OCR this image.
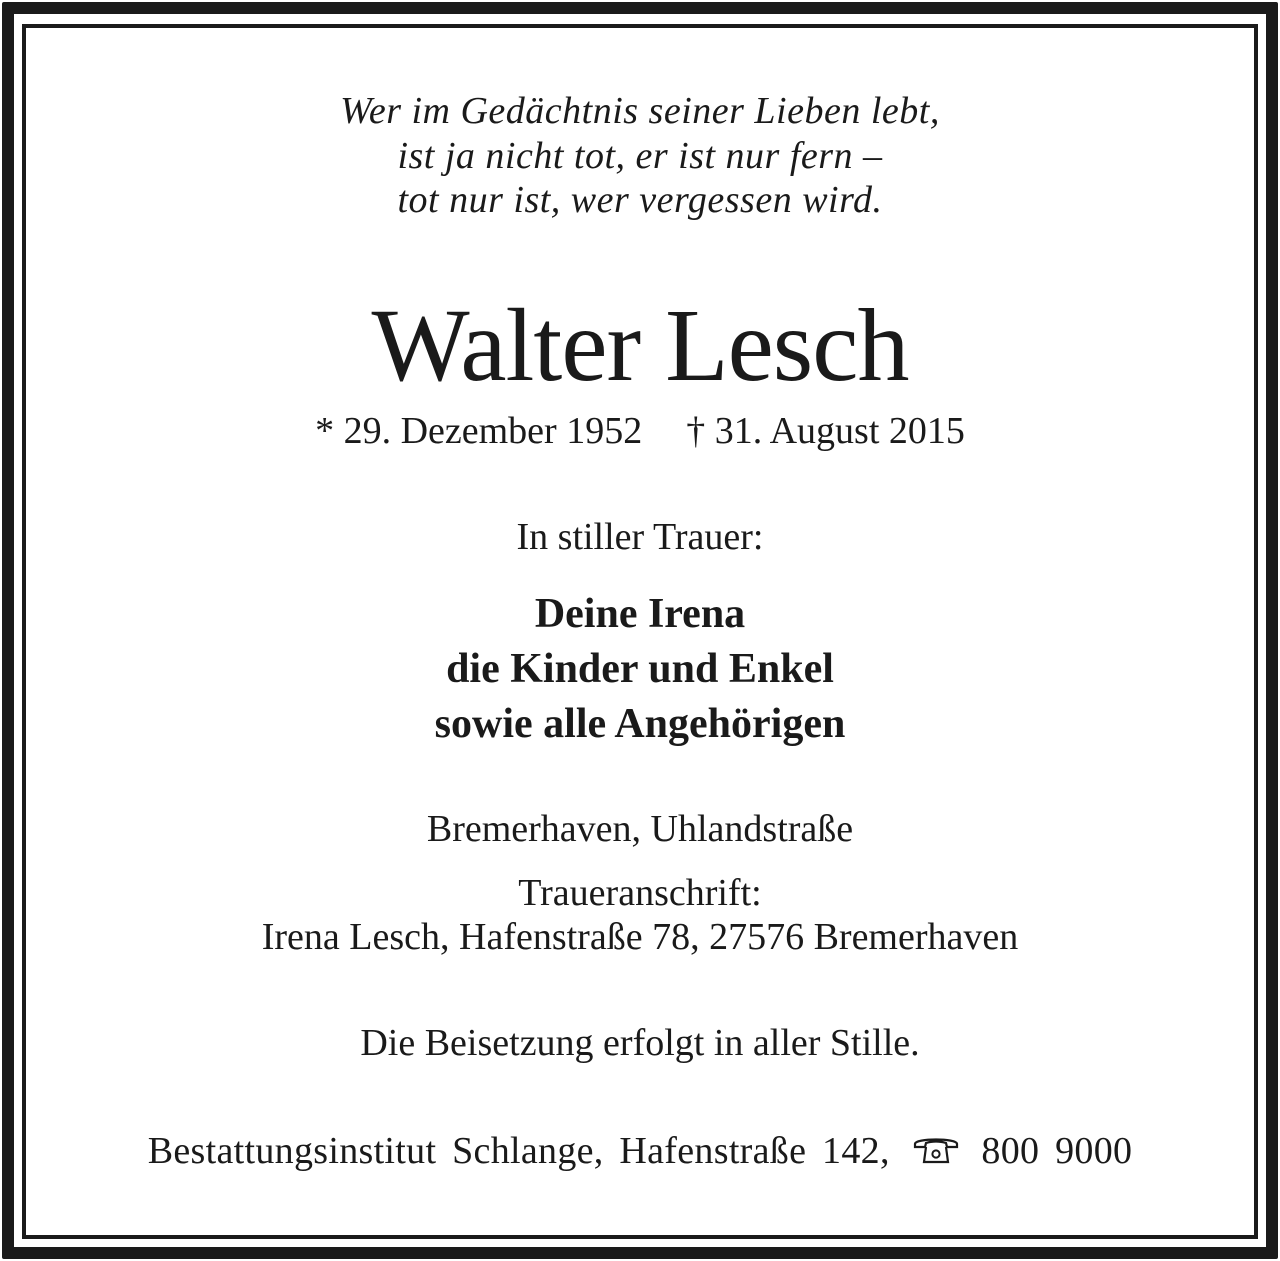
Wer im Gedächtnis seiner Lieben lebt,
ist ja nicht tot, er ist nur fern –
tot nur ist, wer vergessen wird.
Walter Lesch
* 29. Dezember 1952 † 31. August 2015
In stiller Trauer:
Deine Irena
die Kinder und Enkel
sowie alle Angehörigen
Bremerhaven, Uhlandstraße
Traueranschrift:
Irena Lesch, Hafenstraße 78, 27576 Bremerhaven
Die Beisetzung erfolgt in aller Stille.
Bestattungsinstitut Schlange, Hafenstraße 142, 800 9000
